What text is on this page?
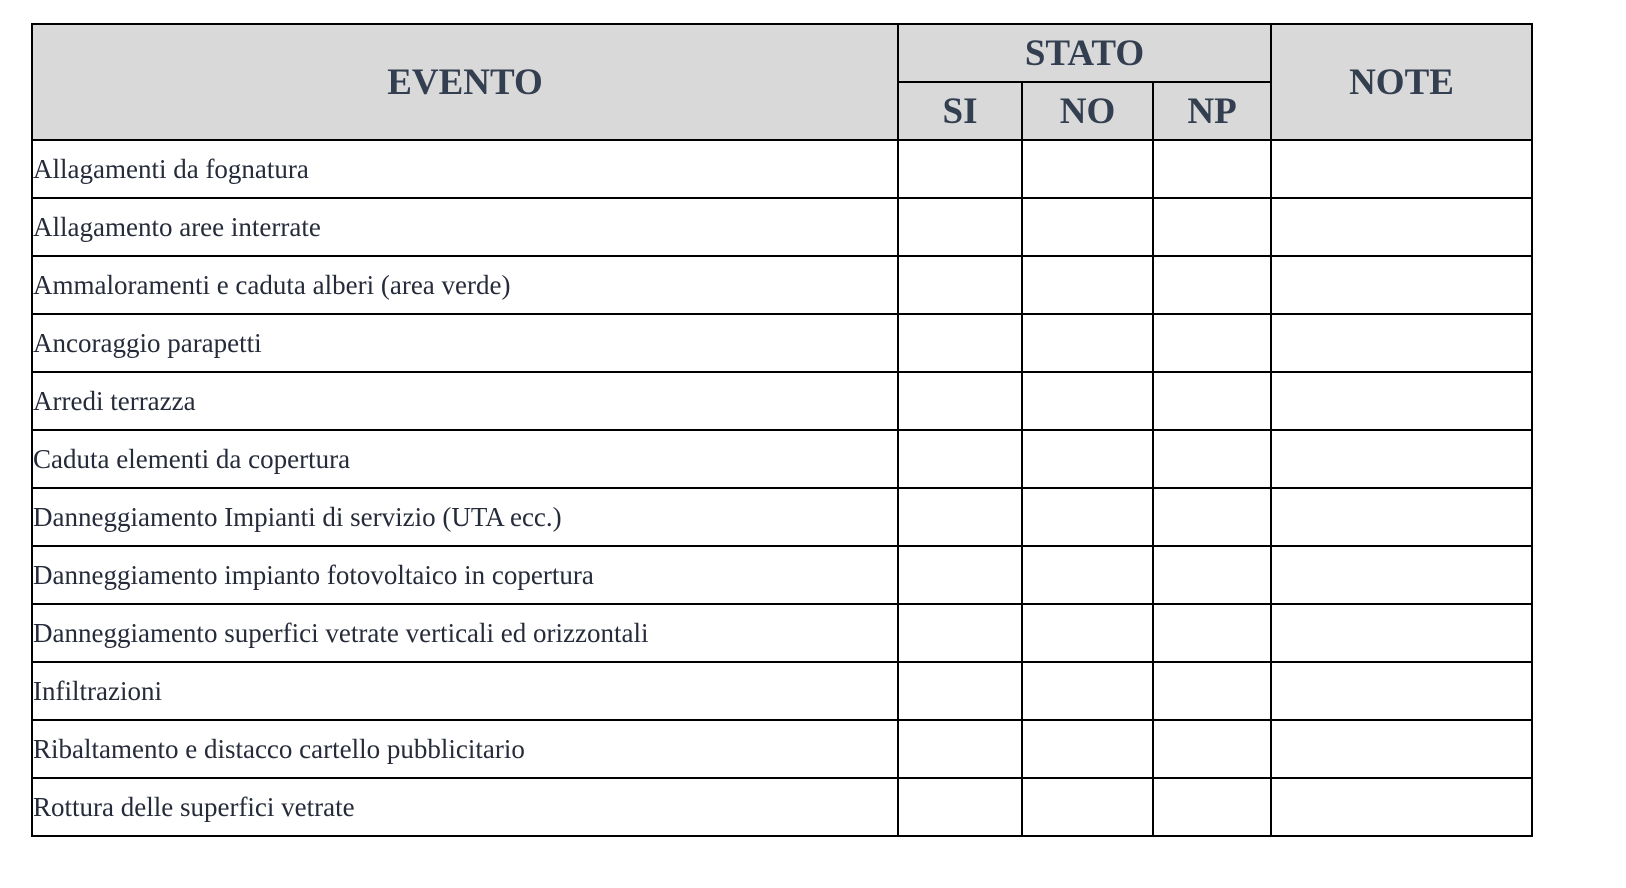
EVENTO	STATO			NOTE
	SI	NO	NP	
Allagamenti da fognatura				
Allagamento aree interrate				
Ammaloramenti e caduta alberi (area verde)				
Ancoraggio parapetti				
Arredi terrazza				
Caduta elementi da copertura				
Danneggiamento Impianti di servizio (UTA ecc.)				
Danneggiamento impianto fotovoltaico in copertura				
Danneggiamento superfici vetrate verticali ed orizzontali				
Infiltrazioni				
Ribaltamento e distacco cartello pubblicitario				
Rottura delle superfici vetrate				
